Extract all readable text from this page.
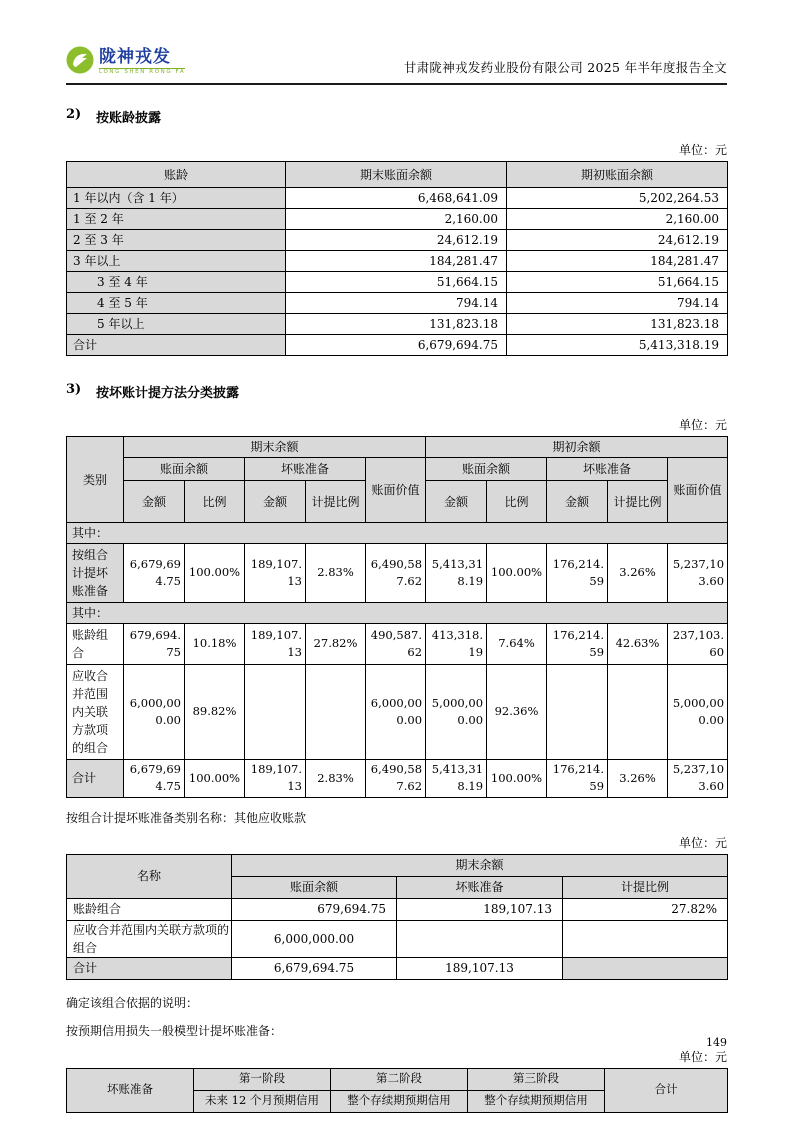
陇神戎发
LONG SHEN RONG FA	甘肃陇神戎发药业股份有限公司 2025 年半年度报告全文
2)	按账龄披露
单位：元
账龄	期末账面余额	期初账面余额
1 年以内（含 1 年）	6,468,641.09	5,202,264.53
1 至 2 年	2,160.00	2,160.00
2 至 3 年	24,612.19	24,612.19
3 年以上	184,281.47	184,281.47
3 至 4 年	51,664.15	51,664.15
4 至 5 年	794.14	794.14
5 年以上	131,823.18	131,823.18
合计	6,679,694.75	5,413,318.19
3)	按坏账计提方法分类披露
单位：元
类别	期末余额					期初余额				
	账面余额		坏账准备		账面价值	账面余额		坏账准备		账面价值
	金额	比例	金额	计提比例		金额	比例	金额	计提比例	
其中：										
按组合计提坏账准备	6,679,694.75	100.00%	189,107.13	2.83%	6,490,587.62	5,413,318.19	100.00%	176,214.59	3.26%	5,237,103.60
其中：										
账龄组合	679,694.75	10.18%	189,107.13	27.82%	490,587.62	413,318.19	7.64%	176,214.59	42.63%	237,103.60
应收合并范围内关联方款项的组合	6,000,000.00	89.82%			6,000,000.00	5,000,000.00	92.36%			5,000,000.00
合计	6,679,694.75	100.00%	189,107.13	2.83%	6,490,587.62	5,413,318.19	100.00%	176,214.59	3.26%	5,237,103.60
按组合计提坏账准备类别名称：其他应收账款
单位：元
名称	期末余额		
	账面余额	坏账准备	计提比例
账龄组合	679,694.75	189,107.13	27.82%
应收合并范围内关联方款项的组合	6,000,000.00		
合计	6,679,694.75	189,107.13	
确定该组合依据的说明：
按预期信用损失一般模型计提坏账准备：
单位：元
坏账准备	第一阶段	第二阶段	第三阶段	合计
	未来 12 个月预期信用	整个存续期预期信用	整个存续期预期信用	
149
